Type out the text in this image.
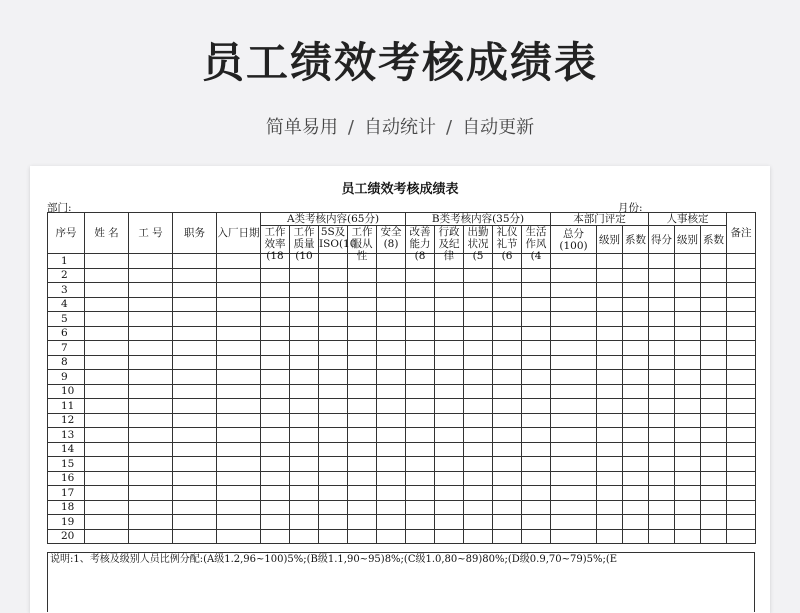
员工绩效考核成绩表
简单易用 / 自动统计 / 自动更新
员工绩效考核成绩表
部门:	月份:
序号	姓 名	工 号	职务	入厂日期	A类考核内容(65分)					B类考核内容(35分)					本部门评定			人事核定			备注

					工作效率(18	工作质量(10	5S及ISO(10	工作服从性	安全(8)	改善能力(8	行政及纪律	出勤状况(5	礼仪礼节(6	生活作风(4	总分(100)	级别	系数	得分	级别	系数	
1																					
2																					
3																					
4																					
5																					
6																					
7																					
8																					
9																					
10																					
11																					
12																					
13																					
14																					
15																					
16																					
17																					
18																					
19																					
20																					
说明:1、考核及级别人员比例分配:(A级1.2,96~100)5%;(B级1.1,90~95)8%;(C级1.0,80~89)80%;(D级0.9,70~79)5%;(E
